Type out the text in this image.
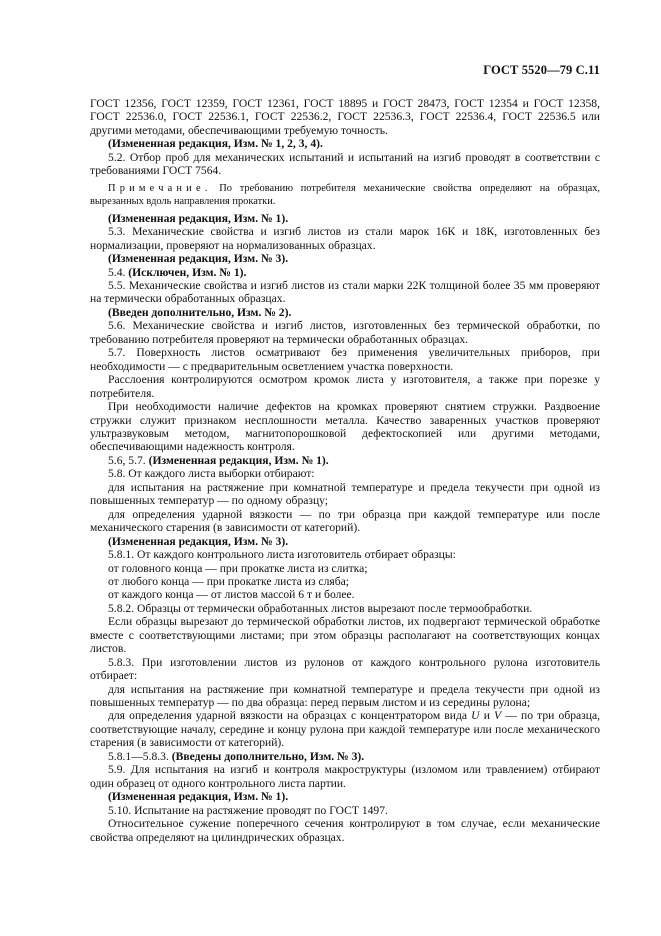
ГОСТ 5520—79 С.11

ГОСТ 12356, ГОСТ 12359, ГОСТ 12361, ГОСТ 18895 и ГОСТ 28473, ГОСТ 12354 и ГОСТ 12358, ГОСТ 22536.0, ГОСТ 22536.1, ГОСТ 22536.2, ГОСТ 22536.3, ГОСТ 22536.4, ГОСТ 22536.5 или другими методами, обеспечивающими требуемую точность.

(Измененная редакция, Изм. № 1, 2, 3, 4).

5.2. Отбор проб для механических испытаний и испытаний на изгиб проводят в соответствии с требованиями ГОСТ 7564.

Примечание. По требованию потребителя механические свойства определяют на образцах, вырезанных вдоль направления прокатки.

(Измененная редакция, Изм. № 1).

5.3. Механические свойства и изгиб листов из стали марок 16К и 18К, изготовленных без нормализации, проверяют на нормализованных образцах.

(Измененная редакция, Изм. № 3).

5.4. (Исключен, Изм. № 1).

5.5. Механические свойства и изгиб листов из стали марки 22К толщиной более 35 мм проверяют на термически обработанных образцах.

(Введен дополнительно, Изм. № 2).

5.6. Механические свойства и изгиб листов, изготовленных без термической обработки, по требованию потребителя проверяют на термически обработанных образцах.

5.7. Поверхность листов осматривают без применения увеличительных приборов, при необходимости — с предварительным осветлением участка поверхности.

Расслоения контролируются осмотром кромок листа у изготовителя, а также при порезке у потребителя.

При необходимости наличие дефектов на кромках проверяют снятием стружки. Раздвоение стружки служит признаком несплошности металла. Качество заваренных участков проверяют ультразвуковым методом, магнитопорошковой дефектоскопией или другими методами, обеспечивающими надежность контроля.

5.6, 5.7. (Измененная редакция, Изм. № 1).

5.8. От каждого листа выборки отбирают:

для испытания на растяжение при комнатной температуре и предела текучести при одной из повышенных температур — по одному образцу;

для определения ударной вязкости — по три образца при каждой температуре или после механического старения (в зависимости от категорий).

(Измененная редакция, Изм. № 3).

5.8.1. От каждого контрольного листа изготовитель отбирает образцы:

от головного конца — при прокатке листа из слитка;

от любого конца — при прокатке листа из сляба;

от каждого конца — от листов массой 6 т и более.

5.8.2. Образцы от термически обработанных листов вырезают после термообработки.

Если образцы вырезают до термической обработки листов, их подвергают термической обработке вместе с соответствующими листами; при этом образцы располагают на соответствующих концах листов.

5.8.3. При изготовлении листов из рулонов от каждого контрольного рулона изготовитель отбирает:

для испытания на растяжение при комнатной температуре и предела текучести при одной из повышенных температур — по два образца: перед первым листом и из середины рулона;

для определения ударной вязкости на образцах с концентратором вида U и V — по три образца, соответствующие началу, середине и концу рулона при каждой температуре или после механического старения (в зависимости от категорий).

5.8.1—5.8.3. (Введены дополнительно, Изм. № 3).

5.9. Для испытания на изгиб и контроля макроструктуры (изломом или травлением) отбирают один образец от одного контрольного листа партии.

(Измененная редакция, Изм. № 1).

5.10. Испытание на растяжение проводят по ГОСТ 1497.

Относительное сужение поперечного сечения контролируют в том случае, если механические свойства определяют на цилиндрических образцах.
